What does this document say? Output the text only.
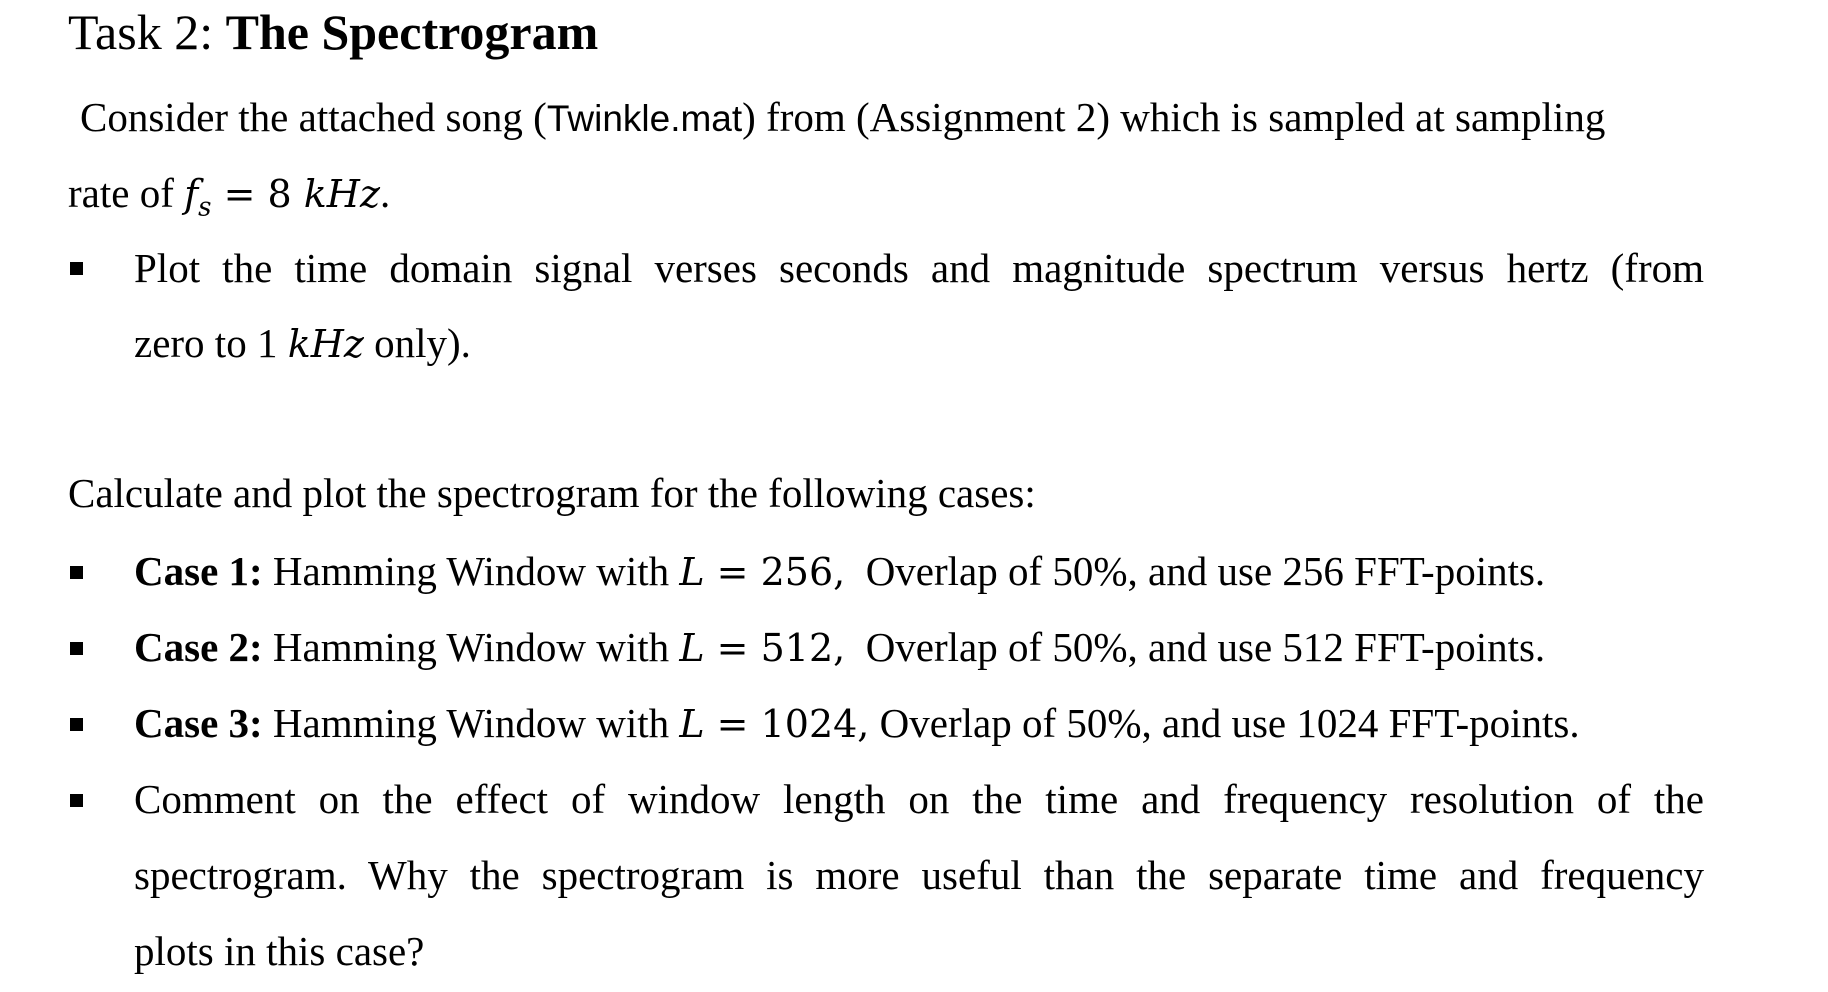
Task 2: The Spectrogram
Consider the attached song (Twinkle.mat) from (Assignment 2) which is sampled at sampling
rate of $f_s = 8$ kHz.
Plot the time domain signal verses seconds and magnitude spectrum versus hertz (from
zero to 1 kHz only).
Calculate and plot the spectrogram for the following cases:
Case 1: Hamming Window with L = 256,  Overlap of 50%, and use 256 FFT-points.
Case 2: Hamming Window with L = 512,  Overlap of 50%, and use 512 FFT-points.
Case 3: Hamming Window with L = 1024, Overlap of 50%, and use 1024 FFT-points.
Comment on the effect of window length on the time and frequency resolution of the
spectrogram. Why the spectrogram is more useful than the separate time and frequency
plots in this case?
